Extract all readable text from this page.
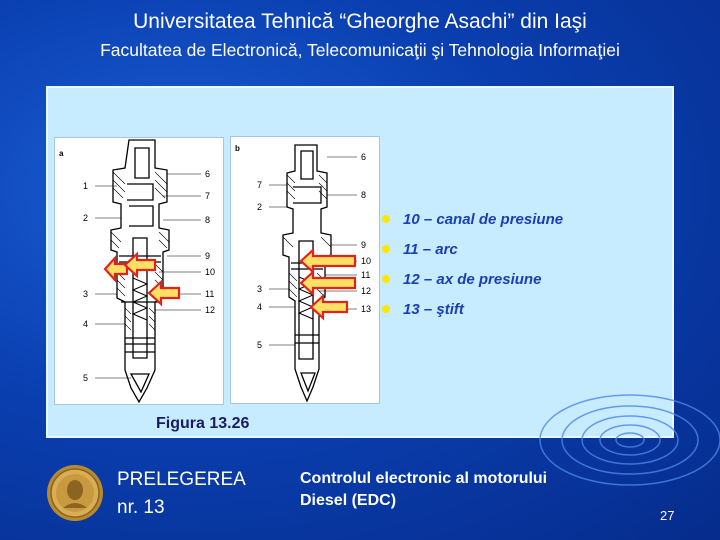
Universitatea Tehnică “Gheorghe Asachi” din Iaşi
Facultatea de Electronică, Telecomunicaţii şi Tehnologia Informaţiei
a
1
2
3
4
5
6
7
8
9
10
11
12
b
7
2
3
4
5
6
8
9
10
11
12
13
10 – canal de presiune
11 – arc
12 – ax de presiune
13 – ştift
Figura 13.26
PRELEGEREA
nr. 13
Controlul electronic al motorului
Diesel (EDC)
27
